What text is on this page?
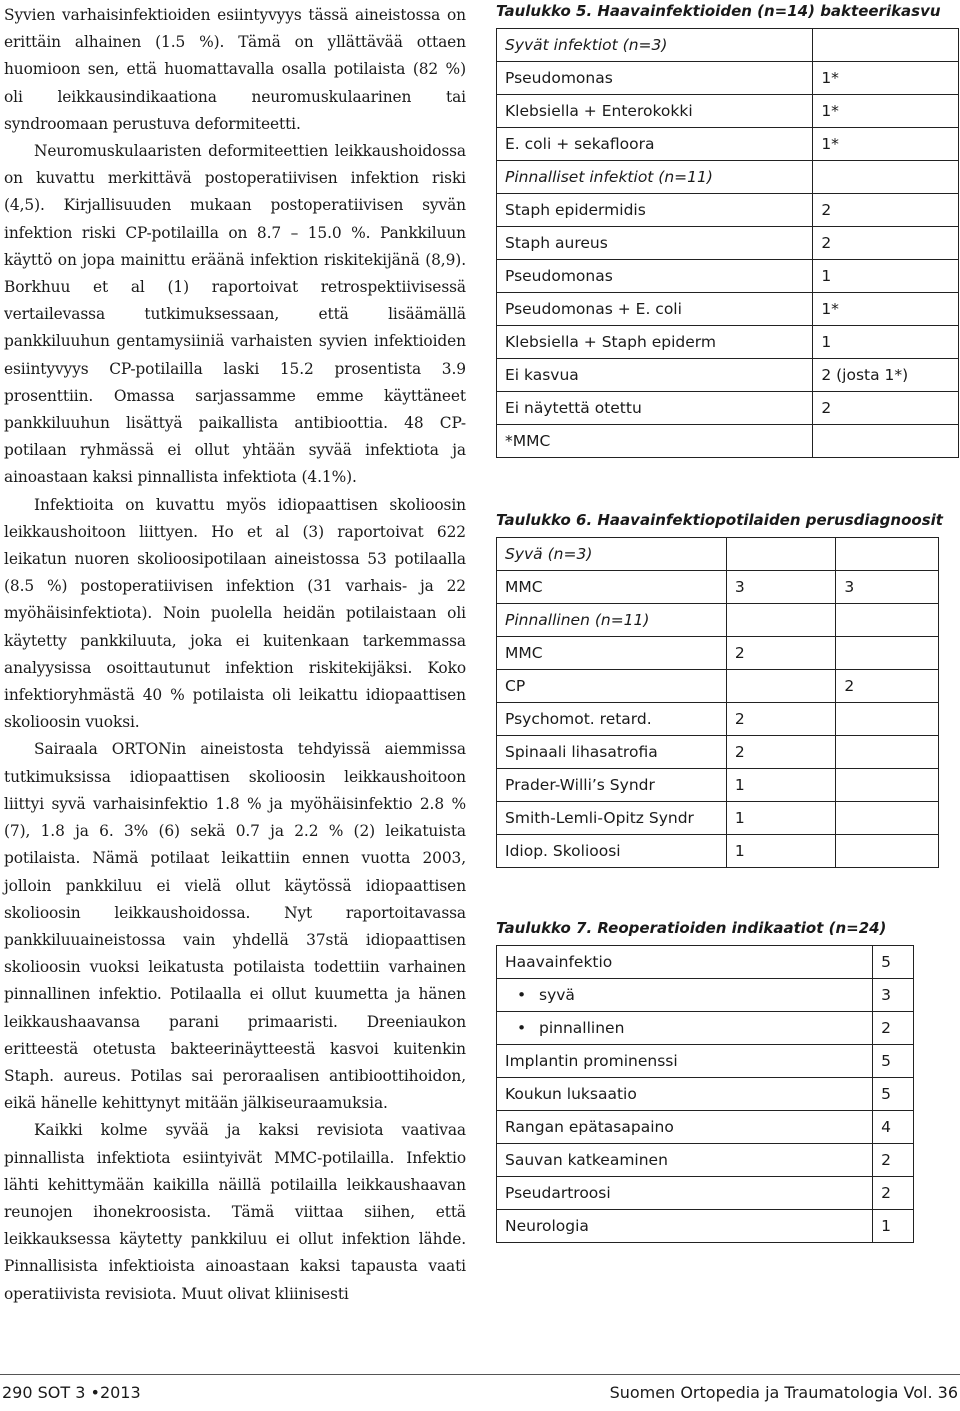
Syvien varhaisinfektioiden esiintyvyys tässä aineistossa on erittäin alhainen (1.5 %). Tämä on yllättävää ottaen huomioon sen, että huomattavalla osalla potilaista (82 %) oli leikkausindikaationa neuromuskulaarinen tai syndroomaan perustuva deformiteetti.

Neuromuskulaaristen deformiteettien leikkaushoidossa on kuvattu merkittävä postoperatiivisen infektion riski (4,5). Kirjallisuuden mukaan postoperatiivisen syvän infektion riski CP-potilailla on 8.7 – 15.0 %. Pankkiluun käyttö on jopa mainittu eräänä infektion riskitekijänä (8,9). Borkhuu et al (1) raportoivat retrospektiivisessä vertailevassa tutkimuksessaan, että lisäämällä pankkiluuhun gentamysiiniä varhaisten syvien infektioiden esiintyvyys CP-potilailla laski 15.2 prosentista 3.9 prosenttiin. Omassa sarjassamme emme käyttäneet pankkiluuhun lisättyä paikallista antibioottia. 48 CP- potilaan ryhmässä ei ollut yhtään syvää infektiota ja ainoastaan kaksi pinnallista infektiota (4.1%).

Infektioita on kuvattu myös idiopaattisen skolioosin leikkaushoitoon liittyen. Ho et al (3) raportoivat 622 leikatun nuoren skolioosipotilaan aineistossa 53 potilaalla (8.5 %) postoperatiivisen infektion (31 varhais- ja 22 myöhäisinfektiota). Noin puolella heidän potilaistaan oli käytetty pankkiluuta, joka ei kuitenkaan tarkemmassa analyysissa osoittautunut infektion riskitekijäksi. Koko infektioryhmästä 40 % potilaista oli leikattu idiopaattisen skolioosin vuoksi.

Sairaala ORTONin aineistosta tehdyissä aiemmissa tutkimuksissa idiopaattisen skolioosin leikkaushoitoon liittyi syvä varhaisinfektio 1.8 % ja myöhäisinfektio 2.8 % (7), 1.8 ja 6. 3% (6) sekä 0.7 ja 2.2 % (2) leikatuista potilaista. Nämä potilaat leikattiin ennen vuotta 2003, jolloin pankkiluu ei vielä ollut käytössä idiopaattisen skolioosin leikkaushoidossa. Nyt raportoitavassa pankkiluuaineistossa vain yhdellä 37stä idiopaattisen skolioosin vuoksi leikatusta potilaista todettiin varhainen pinnallinen infektio. Potilaalla ei ollut kuumetta ja hänen leikkaushaavansa parani primaaristi. Dreeniaukon eritteestä otetusta bakteerinäytteestä kasvoi kuitenkin Staph. aureus. Potilas sai peroraalisen antibioottihoidon, eikä hänelle kehittynyt mitään jälkiseuraamuksia.

Kaikki kolme syvää ja kaksi revisiota vaativaa pinnallista infektiota esiintyivät MMC-potilailla. Infektio lähti kehittymään kaikilla näillä potilailla leikkaushaavan reunojen ihonekroosista. Tämä viittaa siihen, että leikkauksessa käytetty pankkiluu ei ollut infektion lähde. Pinnallisista infektioista ainoastaan kaksi tapausta vaati operatiivista revisiota. Muut olivat kliinisesti

Taulukko 5. Haavainfektioiden (n=14) bakteerikasvu
Syvät infektiot (n=3)	
Pseudomonas	1*
Klebsiella + Enterokokki	1*
E. coli + sekafloora	1*
Pinnalliset infektiot (n=11)	
Staph epidermidis	2
Staph aureus	2
Pseudomonas	1
Pseudomonas + E. coli	1*
Klebsiella + Staph epiderm	1
Ei kasvua	2 (josta 1*)
Ei näytettä otettu	2
*MMC	
Taulukko 6. Haavainfektiopotilaiden perusdiagnoosit
Syvä (n=3)		
MMC	3	3
Pinnallinen (n=11)		
MMC	2	
CP		2
Psychomot. retard.	2	
Spinaali lihasatrofia	2	
Prader-Willi’s Syndr	1	
Smith-Lemli-Opitz Syndr	1	
Idiop. Skolioosi	1	
Taulukko 7. Reoperatioiden indikaatiot (n=24)
Haavainfektio	5
• syvä	3
• pinnallinen	2
Implantin prominenssi	5
Koukun luksaatio	5
Rangan epätasapaino	4
Sauvan katkeaminen	2
Pseudartroosi	2
Neurologia	1
290 SOT 3 •2013	Suomen Ortopedia ja Traumatologia Vol. 36
